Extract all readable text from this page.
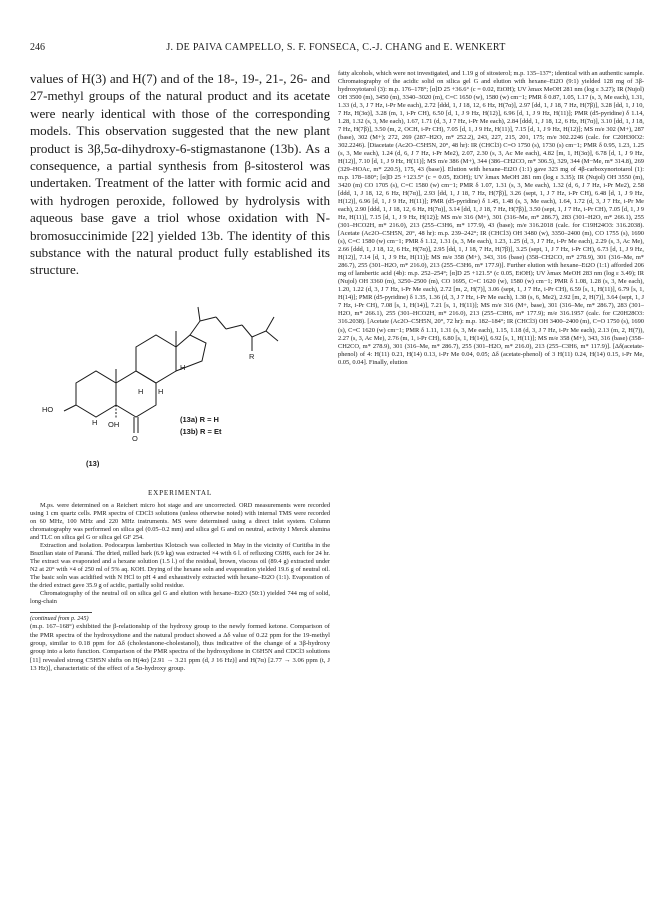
246	J. DE PAIVA CAMPELLO, S. F. FONSECA, C.-J. CHANG and E. WENKERT

values of H(3) and H(7) and of the 18-, 19-, 21-, 26- and 27-methyl groups of the natural product and its acetate were nearly identical with those of the corresponding models. This observation suggested that the new plant product is 3β,5α-dihydroxy-6-stigmastanone (13b). As a consequence, a partial synthesis from β-sitosterol was undertaken. Treatment of the latter with formic acid and with hydrogen peroxide, followed by hydrolysis with aqueous base gave a triol whose oxidation with N-bromosuccinimide [22] yielded 13b. The identity of this substance with the natural product fully established its structure.

HO
OH
O
H
H H
H
R
(13a) R = H
(13b) R = Et
(13)
EXPERIMENTAL

M.ps. were determined on a Reichert micro hot stage and are uncorrected. ORD measurements were recorded using 1 cm quartz cells. PMR spectra of CDCl3 solutions (unless otherwise noted) with internal TMS were recorded on 60 MHz, 100 MHz and 220 MHz instruments. MS were determined using a direct inlet system. Column chromatography was performed on silica gel (0.05–0.2 mm) and silica gel G and on neutral, activity I Merck alumina and TLC on silica gel G or silica gel GF 254.

Extraction and isolation. Podocarpus lambertius Klotzsch was collected in May in the vicinity of Curitiba in the Brazilian state of Paraná. The dried, milled bark (6.9 kg) was extracted ×4 with 6 l. of refluxing C6H6, each for 24 hr. The extract was evaporated and a hexane solution (1.5 l.) of the residual, brown, viscous oil (89.4 g) extracted under N2 at 20° with ×4 of 250 ml of 5% aq. KOH. Drying of the hexane soln and evaporation yielded 19.6 g of neutral oil. The basic soln was acidified with N HCl to pH 4 and exhaustively extracted with hexane–Et2O (1:1). Evaporation of the dried extract gave 35.9 g of acidic, partially solid residue.

Chromatography of the neutral oil on silica gel G and elution with hexane–Et2O (50:1) yielded 744 mg of solid, long-chain

(continued from p. 245)

(m.p. 167–168°) exhibited the β-relationship of the hydroxy group to the newly formed ketone. Comparison of the PMR spectra of the hydroxydione and the natural product showed a Δδ value of 0.22 ppm for the 19-methyl group, similar to 0.18 ppm for Δδ (cholestanone-cholestanol), thus indicative of the change of a 3β-hydroxy group into a keto function. Comparison of the PMR spectra of the hydroxydione in C6H5N and CDCl3 solutions [11] revealed strong C5H5N shifts on H(4α) [2.91 → 3.21 ppm (d, J 16 Hz)] and H(7α) [2.77 → 3.06 ppm (t, J 13 Hz)], characteristic of the effect of a 5α-hydroxy group.

fatty alcohols, which were not investigated, and 1.19 g of sitosterol; m.p. 135–137°; identical with an authentic sample. Chromatography of the acidic solid on silica gel G and elution with hexane–Et2O (9:1) yielded 128 mg of 3β-hydroxytotarol (3): m.p. 176–178°; [α]D 25 +36.6° (c = 0.02, EtOH); UV λmax MeOH 281 nm (log ε 3.27); IR (Nujol) OH 3500 (m), 3450 (m), 3340–3020 (m), C=C 1650 (w), 1580 (w) cm−1; PMR δ 0.87, 1.05, 1.17 (s, 3, Me each), 1.31, 1.33 (d, 3, J 7 Hz, i-Pr Me each), 2.72 [ddd, 1, J 18, 12, 6 Hz, H(7α)], 2.97 [dd, 1, J 18, 7 Hz, H(7β)], 3.28 [dd, 1, J 10, 7 Hz, H(3α)], 3.28 (m, 1, i-Pr CH), 6.50 [d, 1, J 9 Hz, H(12)], 6.96 [d, 1, J 9 Hz, H(11)]; PMR (d5-pyridine) δ 1.14, 1.28, 1.32 (s, 3, Me each), 1.67, 1.71 (d, 3, J 7 Hz, i-Pr Me each), 2.84 [ddd, 1, J 18, 12, 6 Hz, H(7α)], 3.10 [dd, 1, J 18, 7 Hz, H(7β)], 3.50 (m, 2, OCH, i-Pr CH), 7.05 [d, 1, J 9 Hz, H(11)], 7.15 [d, 1, J 9 Hz, H(12)]; MS m/e 302 (M+), 287 (base), 302 (M+); 272, 269 (287–H2O, m* 252.2), 243, 227, 215, 201, 175; m/e 302.2246 (calc. for C20H30O2: 302.2246). [Diacetate (Ac2O–C5H5N, 20°, 48 hr): IR (CHCl3) C=O 1750 (s), 1730 (s) cm−1; PMR δ 0.95, 1.23, 1.25 (s, 3, Me each), 1.24 (d, 6, J 7 Hz, i-Pr Me2), 2.07, 2.30 (s, 3, Ac Me each), 4.82 [m, 1, H(3α)], 6.78 [d, 1, J 9 Hz, H(12)], 7.10 [d, 1, J 9 Hz, H(11)]; MS m/e 386 (M+), 344 (386–CH2CO, m* 306.5), 329, 344 (M−Me, m* 314.8), 269 (329–HOAc, m* 220.5), 175, 43 (base)]. Elution with hexane–Et2O (1:1) gave 323 mg of 4β-carboxynortotarol (1): m.p. 178–180°; [α]D 25 +123.5° (c = 0.05, EtOH); UV λmax MeOH 281 nm (log ε 3.35); IR (Nujol) OH 3550 (m), 3420 (m) CO 1705 (s), C=C 1580 (w) cm−1; PMR δ 1.07, 1.31 (s, 3, Me each), 1.32 (d, 6, J 7 Hz, i-Pr Me2), 2.58 [ddd, 1, J 18, 12, 6 Hz, H(7α)], 2.93 [dd, 1, J 18, 7 Hz, H(7β)], 3.26 (sept, 1, J 7 Hz, i-Pr CH), 6.48 [d, 1, J 9 Hz, H(12)], 6.96 [d, 1, J 9 Hz, H(11)]; PMR (d5-pyridine) δ 1.45, 1.48 (s, 3, Me each), 1.64, 1.72 (d, 3, J 7 Hz, i-Pr Me each), 2.90 [ddd, 1, J 18, 12, 6 Hz, H(7α)], 3.14 [dd, 1, J 18, 7 Hz, H(7β)], 3.50 (sept, 1, J 7 Hz, i-Pr CH), 7.05 [d, 1, J 9 Hz, H(11)], 7.15 [d, 1, J 9 Hz, H(12)]; MS m/e 316 (M+), 301 (316–Me, m* 286.7), 283 (301–H2O, m* 266.1), 255 (301–HCO2H, m* 216.0), 213 (255–C3H6, m* 177.9), 43 (base); m/e 316.2018 (calc. for C19H24O3: 316.2038). [Acetate (Ac2O–C5H5N, 20°, 48 hr): m.p. 239–242°; IR (CHCl3) OH 3480 (w), 3350–2400 (m), CO 1755 (s), 1690 (s), C=C 1580 (w) cm−1; PMR δ 1.12, 1.31 (s, 3, Me each), 1.23, 1.25 (d, 3, J 7 Hz, i-Pr Me each), 2.29 (s, 3, Ac Me), 2.66 [ddd, 1, J 18, 12, 6 Hz, H(7α)], 2.95 [dd, 1, J 18, 7 Hz, H(7β)], 3.25 (sept, 1, J 7 Hz, i-Pr CH), 6.73 [d, 1, J 9 Hz, H(12)], 7.14 [d, 1, J 9 Hz, H(11)]; MS m/e 358 (M+), 343, 316 (base) (358–CH2CO, m* 278.9), 301 (316–Me, m* 286.7), 255 (301–H2O, m* 216.0), 213 (255–C3H6, m* 177.9)]. Further elution with hexane–Et2O (1:1) afforded 206 mg of lambertic acid (4b): m.p. 252–254°; [α]D 25 +121.5° (c 0.05, EtOH); UV λmax MeOH 283 nm (log ε 3.49); IR (Nujol) OH 3360 (m), 3250–2500 (m), CO 1695, C=C 1620 (w), 1580 (w) cm−1; PMR δ 1.08, 1.28 (s, 3, Me each), 1.20, 1.22 (d, 3, J 7 Hz, i-Pr Me each), 2.72 [m, 2, H(7)], 3.06 (sept, 1, J 7 Hz, i-Pr CH), 6.59 [s, 1, H(11)], 6.79 [s, 1, H(14)]; PMR (d5-pyridine) δ 1.35, 1.36 (d, 3, J 7 Hz, i-Pr Me each), 1.38 (s, 6, Me2), 2.92 [m, 2, H(7)], 3.64 (sept, 1, J 7 Hz, i-Pr CH), 7.08 [s, 1, H(14)], 7.21 [s, 1, H(11)]; MS m/e 316 (M+, base), 301 (316–Me, m* 286.7), 283 (301–H2O, m* 266.1), 255 (301–HCO2H, m* 216.0), 213 (255–C3H6, m* 177.9); m/e 316.1957 (calc. for C20H28O3: 316.2038). [Acetate (Ac2O–C5H5N, 20°, 72 hr): m.p. 182–184°; IR (CHCl3) OH 3400–2400 (m), C=O 1750 (s), 1690 (s), C=C 1620 (w) cm−1; PMR δ 1.11, 1.31 (s, 3, Me each), 1.15, 1.18 (d, 3, J 7 Hz, i-Pr Me each), 2.13 (m, 2, H(7)), 2.27 (s, 3, Ac Me), 2.76 (m, 1, i-Pr CH), 6.80 [s, 1, H(14)], 6.92 [s, 1, H(11)]; MS m/e 358 (M+), 343, 316 (base) (358–CH2CO, m* 278.9), 301 (316–Me, m* 286.7), 255 (301–H2O, m* 216.0), 213 (255–C3H6, m* 117.9)]. [Δδ(acetate-phenol) of 4: H(11) 0.21, H(14) 0.13, i-Pr Me 0.04, 0.05; Δδ (acetate-phenol) of 3 H(11) 0.24, H(14) 0.15, i-Pr Me, 0.05, 0.04]. Finally, elution
